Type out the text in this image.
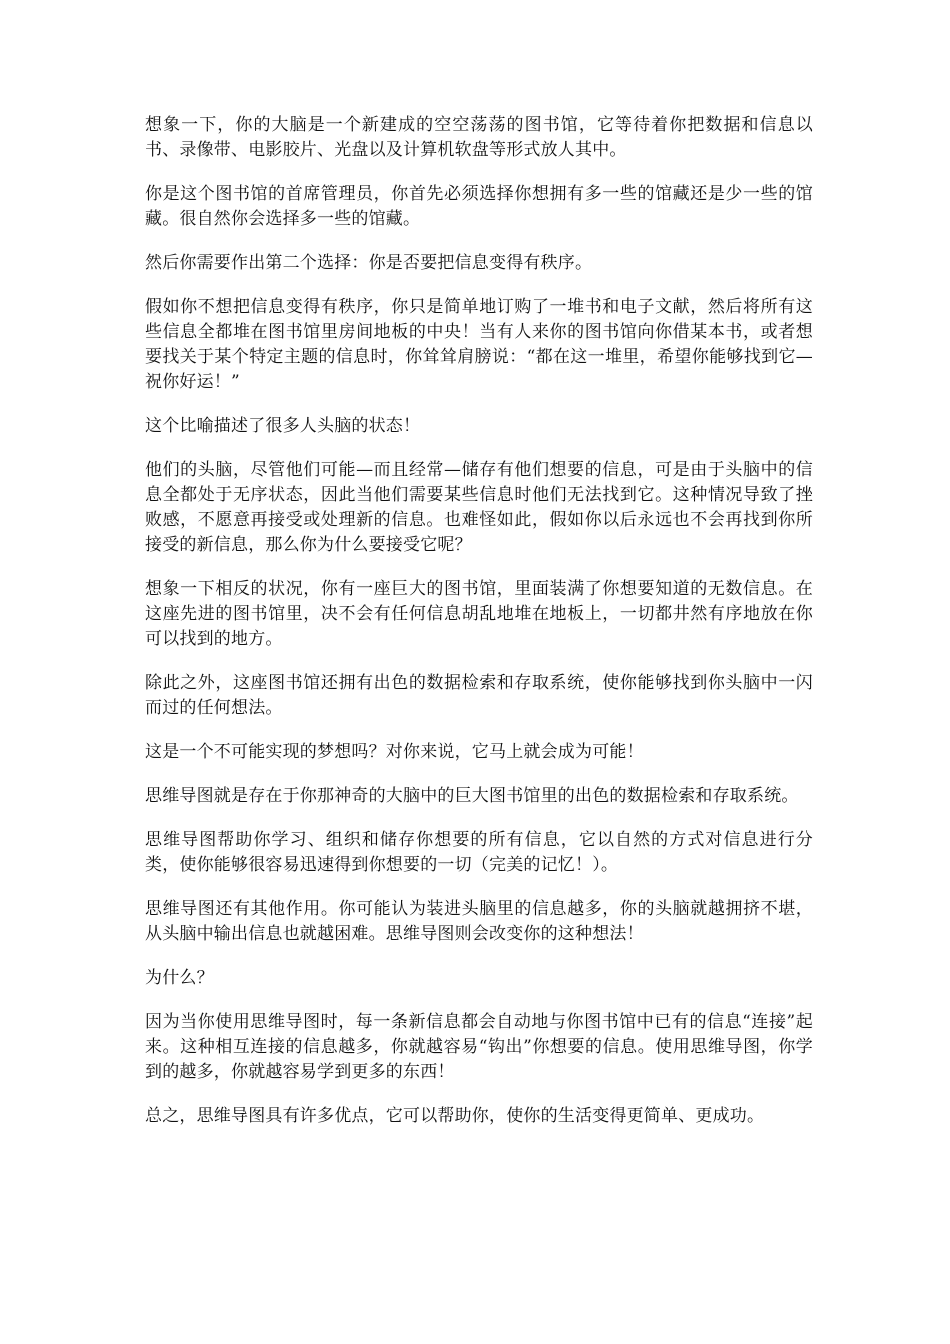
想象一下，你的大脑是一个新建成的空空荡荡的图书馆，它等待着你把数据和信息以书、录像带、电影胶片、光盘以及计算机软盘等形式放人其中。

你是这个图书馆的首席管理员，你首先必须选择你想拥有多一些的馆藏还是少一些的馆藏。很自然你会选择多一些的馆藏。

然后你需要作出第二个选择：你是否要把信息变得有秩序。

假如你不想把信息变得有秩序，你只是简单地订购了一堆书和电子文献，然后将所有这些信息全都堆在图书馆里房间地板的中央！当有人来你的图书馆向你借某本书，或者想要找关于某个特定主题的信息时，你耸耸肩膀说：“都在这一堆里，希望你能够找到它—祝你好运！”

这个比喻描述了很多人头脑的状态！

他们的头脑，尽管他们可能—而且经常—储存有他们想要的信息，可是由于头脑中的信息全都处于无序状态，因此当他们需要某些信息时他们无法找到它。这种情况导致了挫败感，不愿意再接受或处理新的信息。也难怪如此，假如你以后永远也不会再找到你所接受的新信息，那么你为什么要接受它呢？

想象一下相反的状况，你有一座巨大的图书馆，里面装满了你想要知道的无数信息。在这座先进的图书馆里，决不会有任何信息胡乱地堆在地板上，一切都井然有序地放在你可以找到的地方。

除此之外，这座图书馆还拥有出色的数据检索和存取系统，使你能够找到你头脑中一闪而过的任何想法。

这是一个不可能实现的梦想吗？对你来说，它马上就会成为可能！

思维导图就是存在于你那神奇的大脑中的巨大图书馆里的出色的数据检索和存取系统。

思维导图帮助你学习、组织和储存你想要的所有信息，它以自然的方式对信息进行分类，使你能够很容易迅速得到你想要的一切（完美的记忆！）。

思维导图还有其他作用。你可能认为装进头脑里的信息越多，你的头脑就越拥挤不堪，从头脑中输出信息也就越困难。思维导图则会改变你的这种想法！

为什么？

因为当你使用思维导图时，每一条新信息都会自动地与你图书馆中已有的信息“连接”起来。这种相互连接的信息越多，你就越容易“钩出”你想要的信息。使用思维导图，你学到的越多，你就越容易学到更多的东西！

总之，思维导图具有许多优点，它可以帮助你，使你的生活变得更简单、更成功。
